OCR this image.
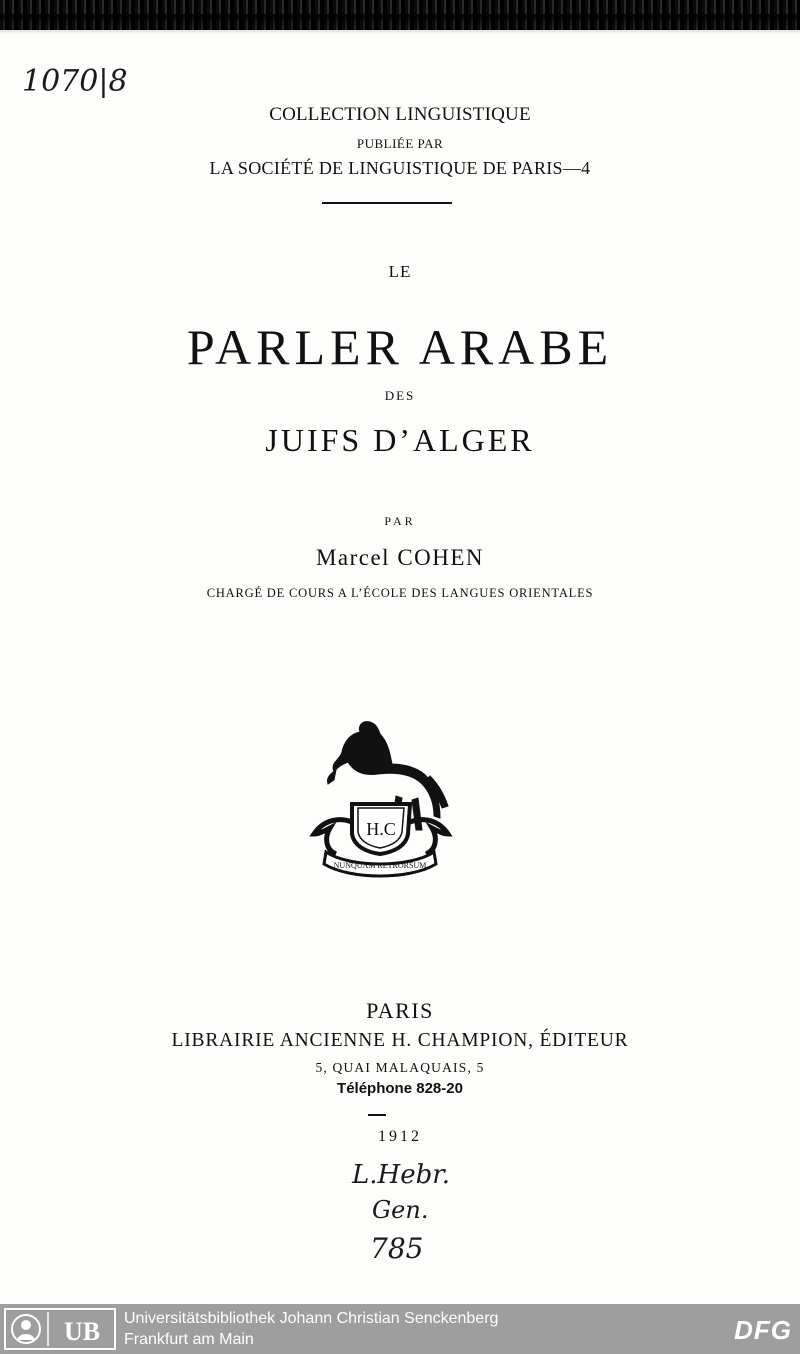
1070|8
COLLECTION LINGUISTIQUE
PUBLIÉE PAR
LA SOCIÉTÉ DE LINGUISTIQUE DE PARIS—4
LE
PARLER ARABE
DES
JUIFS D’ALGER
PAR
Marcel COHEN
CHARGÉ DE COURS A L’ÉCOLE DES LANGUES ORIENTALES
H.C
NUNQUAM RETRORSUM
PARIS
LIBRAIRIE ANCIENNE H. CHAMPION, ÉDITEUR
5, QUAI MALAQUAIS, 5
Téléphone 828-20
1912
L.Hebr.
Gen.
785
UB Universitätsbibliothek Johann Christian Senckenberg
Frankfurt am Main	DFG
